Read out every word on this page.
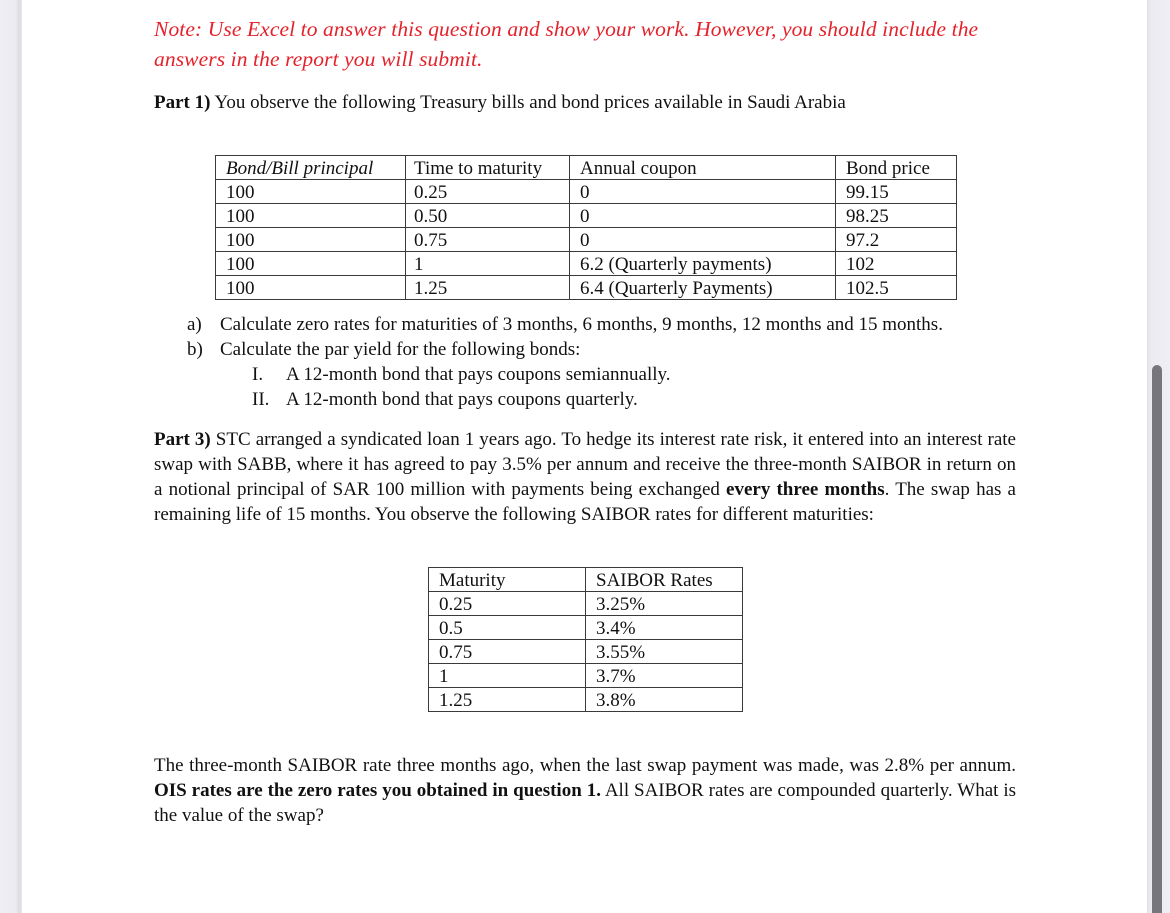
Note: Use Excel to answer this question and show your work. However, you should include the answers in the report you will submit.
Part 1) You observe the following Treasury bills and bond prices available in Saudi Arabia
Bond/Bill principal	Time to maturity	Annual coupon	Bond price
100	0.25	0	99.15
100	0.50	0	98.25
100	0.75	0	97.2
100	1	6.2 (Quarterly payments)	102
100	1.25	6.4 (Quarterly Payments)	102.5
a) Calculate zero rates for maturities of 3 months, 6 months, 9 months, 12 months and 15 months.
b) Calculate the par yield for the following bonds:
I. A 12-month bond that pays coupons semiannually.
II. A 12-month bond that pays coupons quarterly.
Part 3) STC arranged a syndicated loan 1 years ago. To hedge its interest rate risk, it entered into an interest rate swap with SABB, where it has agreed to pay 3.5% per annum and receive the three-month SAIBOR in return on a notional principal of SAR 100 million with payments being exchanged every three months. The swap has a remaining life of 15 months. You observe the following SAIBOR rates for different maturities:
Maturity	SAIBOR Rates
0.25	3.25%
0.5	3.4%
0.75	3.55%
1	3.7%
1.25	3.8%
The three-month SAIBOR rate three months ago, when the last swap payment was made, was 2.8% per annum. OIS rates are the zero rates you obtained in question 1. All SAIBOR rates are compounded quarterly. What is the value of the swap?
